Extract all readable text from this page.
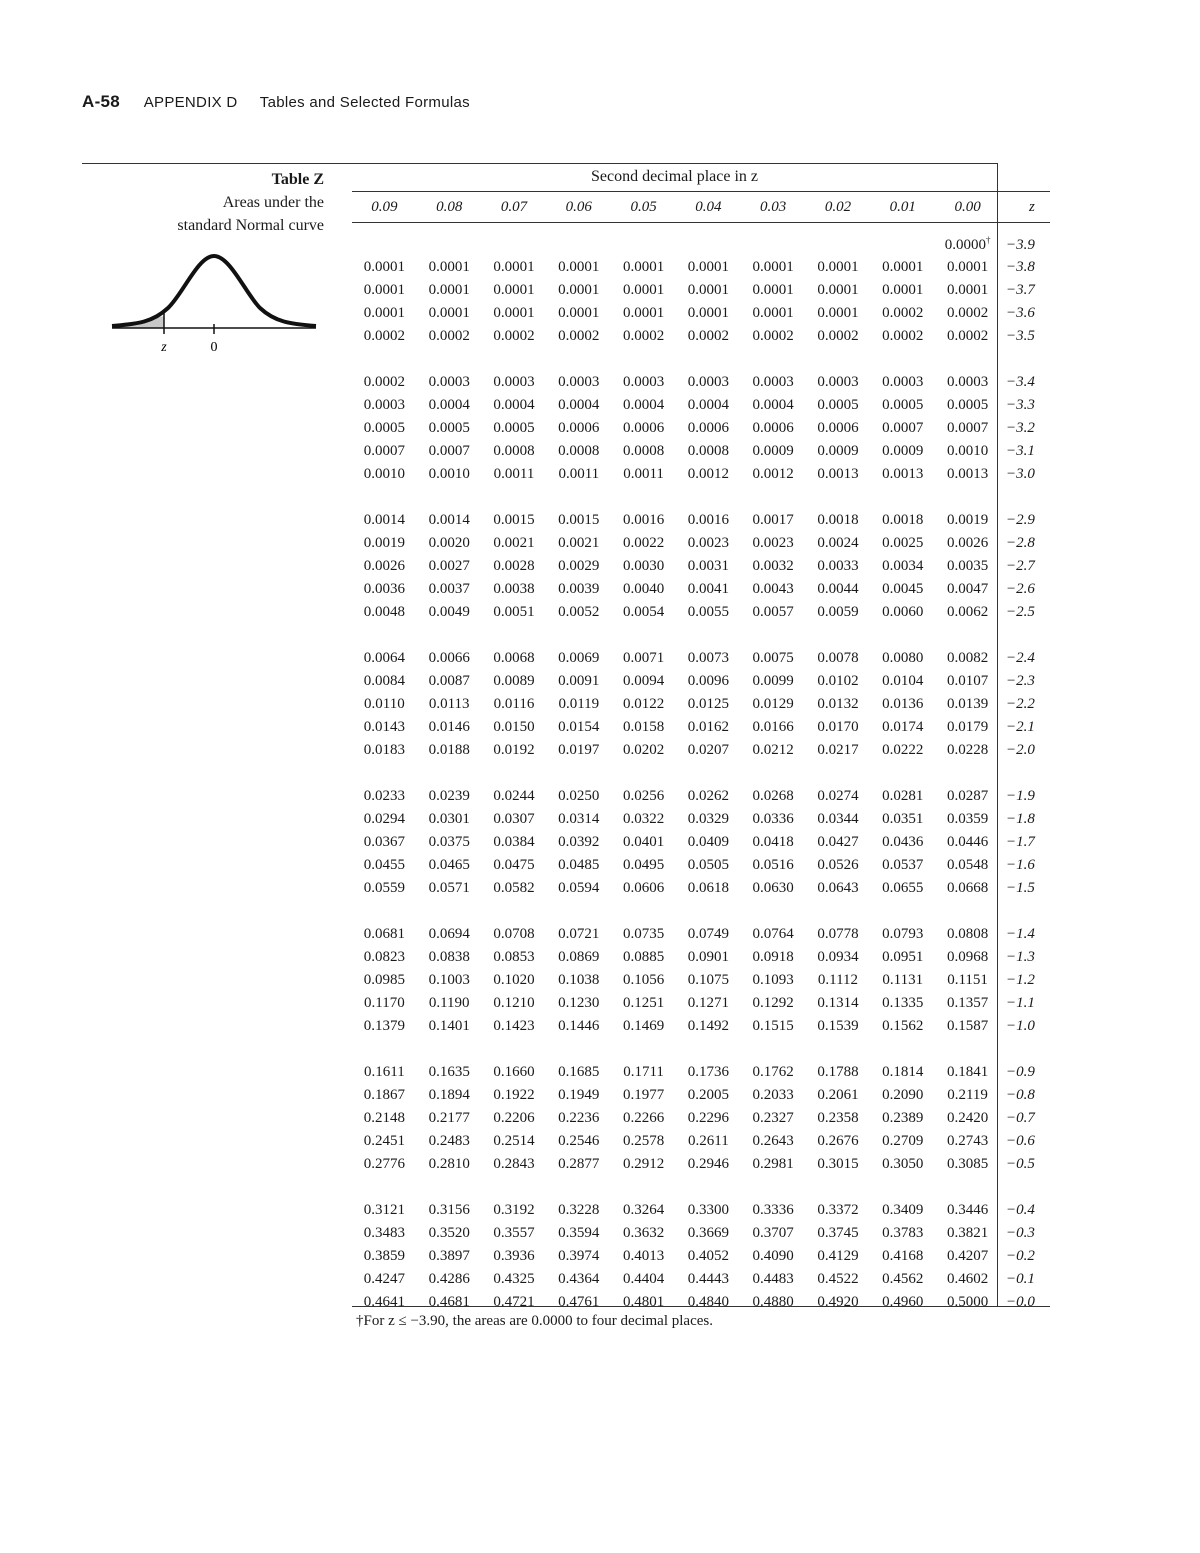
A-58 APPENDIX D Tables and Selected Formulas
Table Z
Areas under the
standard Normal curve
z	0
Second decimal place in z
0.09	0.08	0.07	0.06	0.05	0.04	0.03	0.02	0.01	0.00	z
									0.0000†	−3.9
0.0001	0.0001	0.0001	0.0001	0.0001	0.0001	0.0001	0.0001	0.0001	0.0001	−3.8
0.0001	0.0001	0.0001	0.0001	0.0001	0.0001	0.0001	0.0001	0.0001	0.0001	−3.7
0.0001	0.0001	0.0001	0.0001	0.0001	0.0001	0.0001	0.0001	0.0002	0.0002	−3.6
0.0002	0.0002	0.0002	0.0002	0.0002	0.0002	0.0002	0.0002	0.0002	0.0002	−3.5

0.0002	0.0003	0.0003	0.0003	0.0003	0.0003	0.0003	0.0003	0.0003	0.0003	−3.4
0.0003	0.0004	0.0004	0.0004	0.0004	0.0004	0.0004	0.0005	0.0005	0.0005	−3.3
0.0005	0.0005	0.0005	0.0006	0.0006	0.0006	0.0006	0.0006	0.0007	0.0007	−3.2
0.0007	0.0007	0.0008	0.0008	0.0008	0.0008	0.0009	0.0009	0.0009	0.0010	−3.1
0.0010	0.0010	0.0011	0.0011	0.0011	0.0012	0.0012	0.0013	0.0013	0.0013	−3.0

0.0014	0.0014	0.0015	0.0015	0.0016	0.0016	0.0017	0.0018	0.0018	0.0019	−2.9
0.0019	0.0020	0.0021	0.0021	0.0022	0.0023	0.0023	0.0024	0.0025	0.0026	−2.8
0.0026	0.0027	0.0028	0.0029	0.0030	0.0031	0.0032	0.0033	0.0034	0.0035	−2.7
0.0036	0.0037	0.0038	0.0039	0.0040	0.0041	0.0043	0.0044	0.0045	0.0047	−2.6
0.0048	0.0049	0.0051	0.0052	0.0054	0.0055	0.0057	0.0059	0.0060	0.0062	−2.5

0.0064	0.0066	0.0068	0.0069	0.0071	0.0073	0.0075	0.0078	0.0080	0.0082	−2.4
0.0084	0.0087	0.0089	0.0091	0.0094	0.0096	0.0099	0.0102	0.0104	0.0107	−2.3
0.0110	0.0113	0.0116	0.0119	0.0122	0.0125	0.0129	0.0132	0.0136	0.0139	−2.2
0.0143	0.0146	0.0150	0.0154	0.0158	0.0162	0.0166	0.0170	0.0174	0.0179	−2.1
0.0183	0.0188	0.0192	0.0197	0.0202	0.0207	0.0212	0.0217	0.0222	0.0228	−2.0

0.0233	0.0239	0.0244	0.0250	0.0256	0.0262	0.0268	0.0274	0.0281	0.0287	−1.9
0.0294	0.0301	0.0307	0.0314	0.0322	0.0329	0.0336	0.0344	0.0351	0.0359	−1.8
0.0367	0.0375	0.0384	0.0392	0.0401	0.0409	0.0418	0.0427	0.0436	0.0446	−1.7
0.0455	0.0465	0.0475	0.0485	0.0495	0.0505	0.0516	0.0526	0.0537	0.0548	−1.6
0.0559	0.0571	0.0582	0.0594	0.0606	0.0618	0.0630	0.0643	0.0655	0.0668	−1.5

0.0681	0.0694	0.0708	0.0721	0.0735	0.0749	0.0764	0.0778	0.0793	0.0808	−1.4
0.0823	0.0838	0.0853	0.0869	0.0885	0.0901	0.0918	0.0934	0.0951	0.0968	−1.3
0.0985	0.1003	0.1020	0.1038	0.1056	0.1075	0.1093	0.1112	0.1131	0.1151	−1.2
0.1170	0.1190	0.1210	0.1230	0.1251	0.1271	0.1292	0.1314	0.1335	0.1357	−1.1
0.1379	0.1401	0.1423	0.1446	0.1469	0.1492	0.1515	0.1539	0.1562	0.1587	−1.0

0.1611	0.1635	0.1660	0.1685	0.1711	0.1736	0.1762	0.1788	0.1814	0.1841	−0.9
0.1867	0.1894	0.1922	0.1949	0.1977	0.2005	0.2033	0.2061	0.2090	0.2119	−0.8
0.2148	0.2177	0.2206	0.2236	0.2266	0.2296	0.2327	0.2358	0.2389	0.2420	−0.7
0.2451	0.2483	0.2514	0.2546	0.2578	0.2611	0.2643	0.2676	0.2709	0.2743	−0.6
0.2776	0.2810	0.2843	0.2877	0.2912	0.2946	0.2981	0.3015	0.3050	0.3085	−0.5

0.3121	0.3156	0.3192	0.3228	0.3264	0.3300	0.3336	0.3372	0.3409	0.3446	−0.4
0.3483	0.3520	0.3557	0.3594	0.3632	0.3669	0.3707	0.3745	0.3783	0.3821	−0.3
0.3859	0.3897	0.3936	0.3974	0.4013	0.4052	0.4090	0.4129	0.4168	0.4207	−0.2
0.4247	0.4286	0.4325	0.4364	0.4404	0.4443	0.4483	0.4522	0.4562	0.4602	−0.1
0.4641	0.4681	0.4721	0.4761	0.4801	0.4840	0.4880	0.4920	0.4960	0.5000	−0.0
†For z ≤ −3.90, the areas are 0.0000 to four decimal places.
